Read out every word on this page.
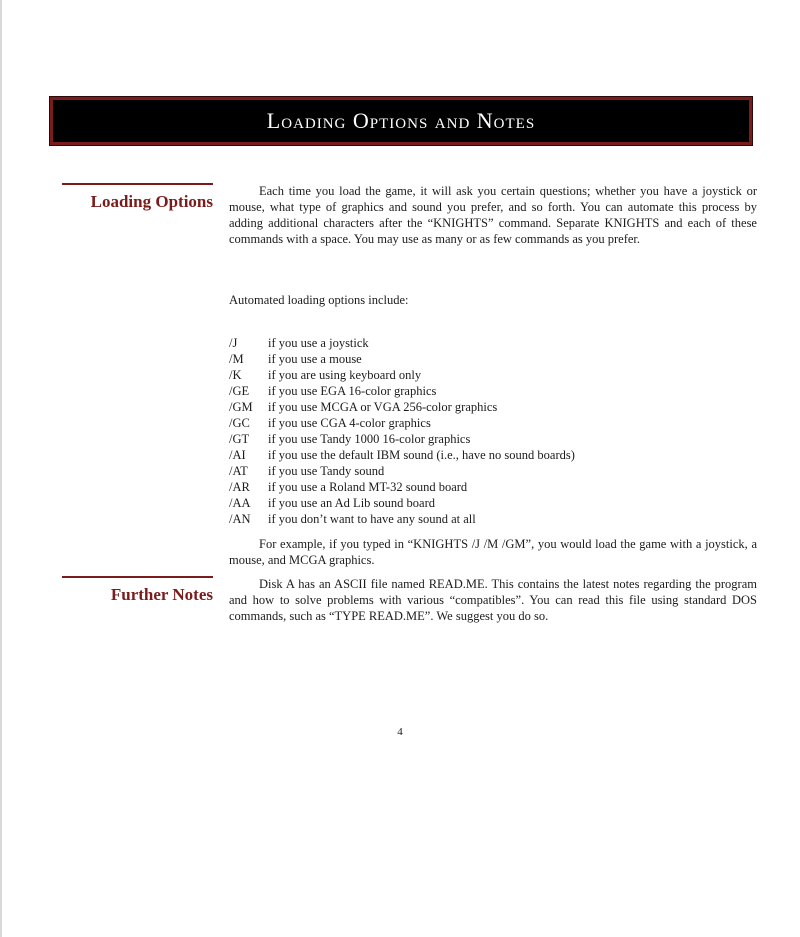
Loading Options and Notes
Loading Options

Each time you load the game, it will ask you certain questions; whether you have a joystick or mouse, what type of graphics and sound you prefer, and so forth. You can automate this process by adding additional characters after the “KNIGHTS” command. Separate KNIGHTS and each of these commands with a space. You may use as many or as few commands as you prefer.

Automated loading options include:

/J	if you use a joystick
/M	if you use a mouse
/K	if you are using keyboard only
/GE	if you use EGA 16-color graphics
/GM	if you use MCGA or VGA 256-color graphics
/GC	if you use CGA 4-color graphics
/GT	if you use Tandy 1000 16-color graphics
/AI	if you use the default IBM sound (i.e., have no sound boards)
/AT	if you use Tandy sound
/AR	if you use a Roland MT-32 sound board
/AA	if you use an Ad Lib sound board
/AN	if you don’t want to have any sound at all

For example, if you typed in “KNIGHTS /J /M /GM”, you would load the game with a joystick, a mouse, and MCGA graphics.

Further Notes

Disk A has an ASCII file named READ.ME. This contains the latest notes regarding the program and how to solve problems with various “compatibles”. You can read this file using standard DOS commands, such as “TYPE READ.ME”. We suggest you do so.

4
